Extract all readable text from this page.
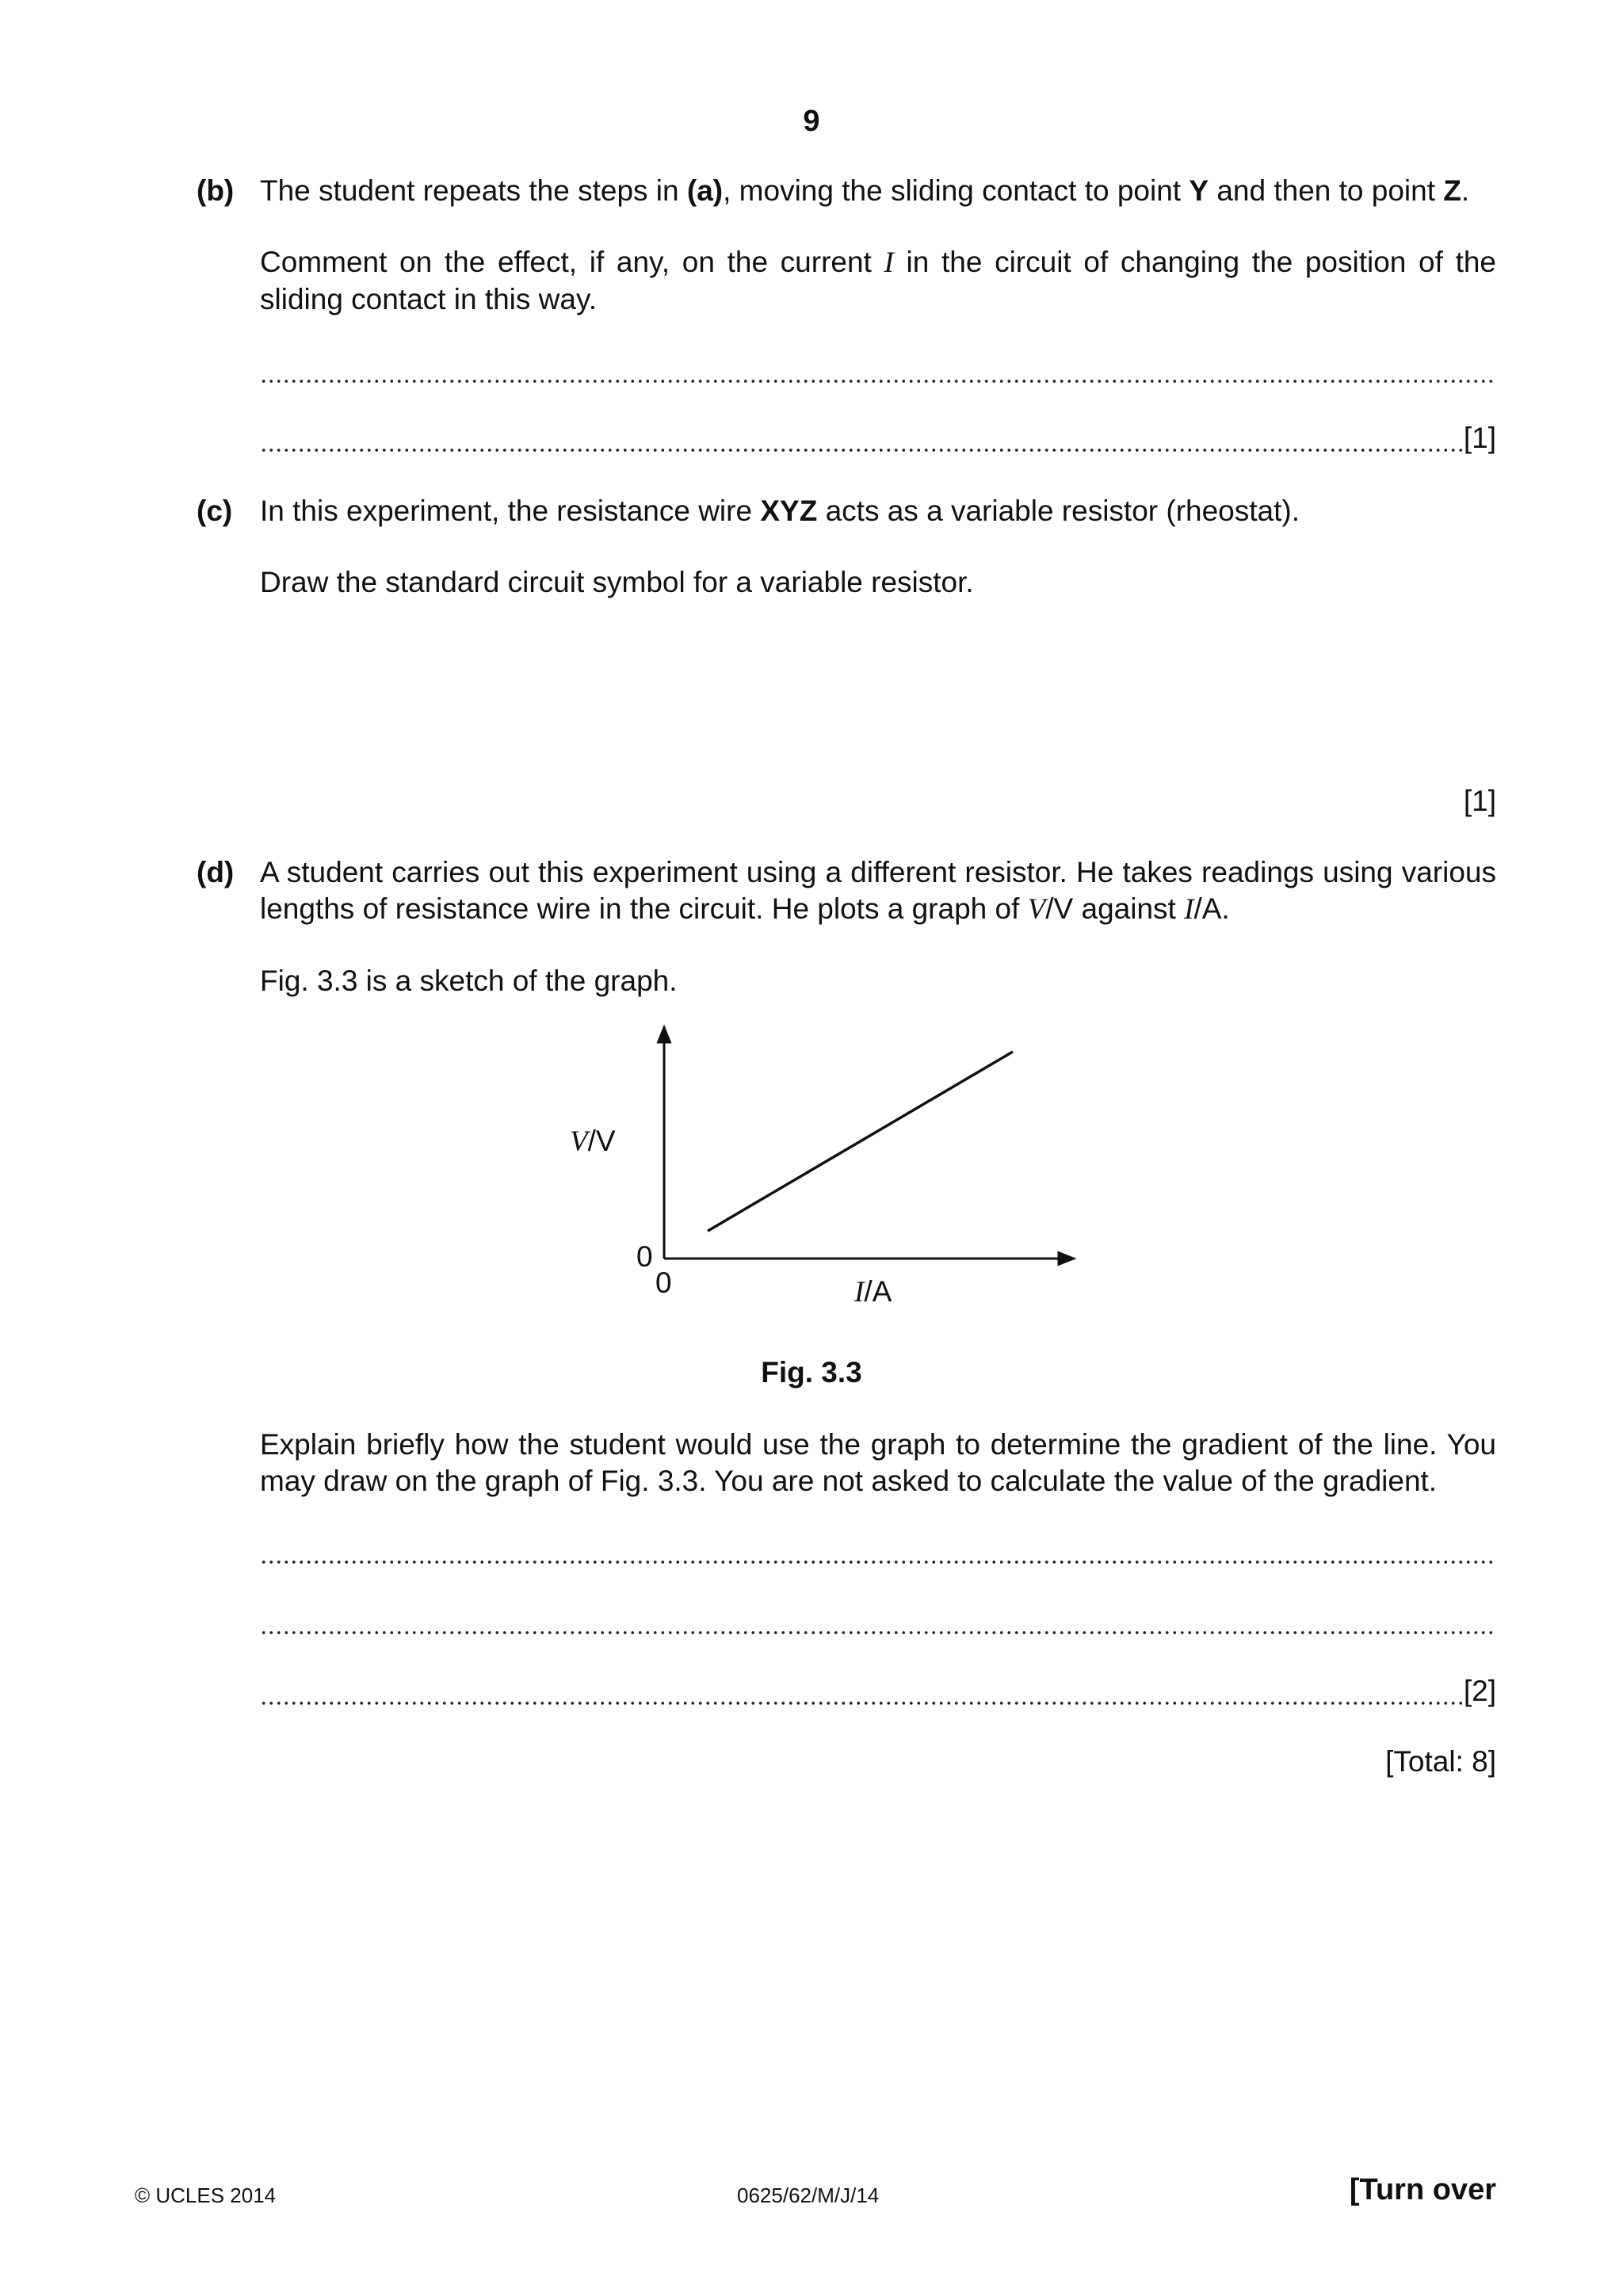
9
(b) The student repeats the steps in (a), moving the sliding contact to point Y and then to point Z.
Comment on the effect, if any, on the current I in the circuit of changing the position of the sliding contact in this way.
[1]
(c) In this experiment, the resistance wire XYZ acts as a variable resistor (rheostat).
Draw the standard circuit symbol for a variable resistor.
[1]
(d) A student carries out this experiment using a different resistor. He takes readings using various lengths of resistance wire in the circuit. He plots a graph of V/V against I/A.
Fig. 3.3 is a sketch of the graph.
V/V
0
0	I/A
Fig. 3.3
Explain briefly how the student would use the graph to determine the gradient of the line. You may draw on the graph of Fig. 3.3. You are not asked to calculate the value of the gradient.
[2]
[Total: 8]
© UCLES 2014	0625/62/M/J/14	[Turn over
